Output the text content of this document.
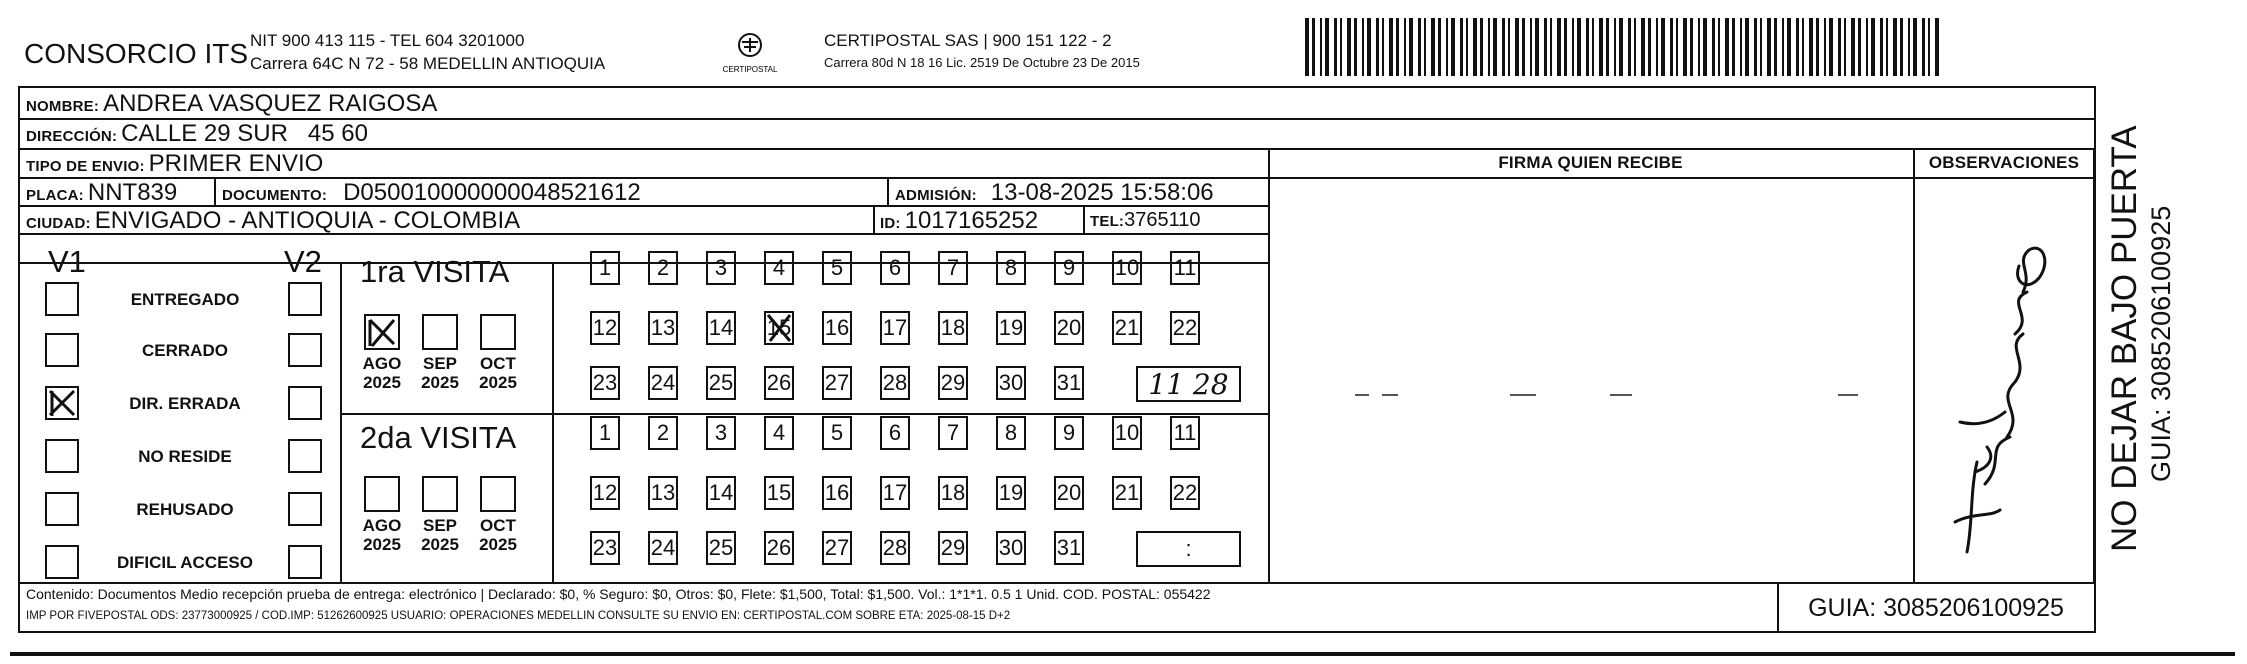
CONSORCIO ITS NIT 900 413 115 - TEL 604 3201000
Carrera 64C N 72 - 58 MEDELLIN ANTIOQUIA	CERTIPOSTAL
CERTIPOSTAL SAS | 900 151 122 - 2
Carrera 80d N 18 16 Lic. 2519 De Octubre 23 De 2015
NOMBRE: ANDREA VASQUEZ RAIGOSA
DIRECCIÓN: CALLE 29 SUR   45 60
TIPO DE ENVIO: PRIMER ENVIO	FIRMA QUIEN RECIBE	OBSERVACIONES
PLACA: NNT839	DOCUMENTO: D050010000000048521612	ADMISIÓN: 13-08-2025 15:58:06
CIUDAD: ENVIGADO - ANTIOQUIA - COLOMBIA	ID: 1017165252	TEL: 3765110
V1	V2
ENTREGADO
CERRADO
DIR. ERRADA
NO RESIDE
REHUSADO
DIFICIL ACCESO
1ra VISITA
2da VISITA
AGO
2025
SEP
2025
OCT
2025
AGO
2025
SEP
2025
OCT
2025
1	2	3	4	5	6	7	8	9	10 11
12 13 14 15 16 17 18 19 20 21 22
23 24 25 26 27 28 29 30 31
1	2	3	4	5	6	7	8	9	10 11
12 13 14 15 16 17 18 19 20 21 22
23 24 25 26 27 28 29 30 31
11 28
:
Contenido: Documentos Medio recepción prueba de entrega: electrónico | Declarado: $0, % Seguro: $0, Otros: $0, Flete: $1,500, Total: $1,500. Vol.: 1*1*1. 0.5 1 Unid. COD. POSTAL: 055422
IMP POR FIVEPOSTAL ODS: 23773000925 / COD.IMP: 51262600925 USUARIO: OPERACIONES MEDELLIN CONSULTE SU ENVIO EN: CERTIPOSTAL.COM SOBRE ETA: 2025-08-15 D+2	GUIA: 3085206100925
NO DEJAR BAJO PUERTA GUIA: 3085206100925
